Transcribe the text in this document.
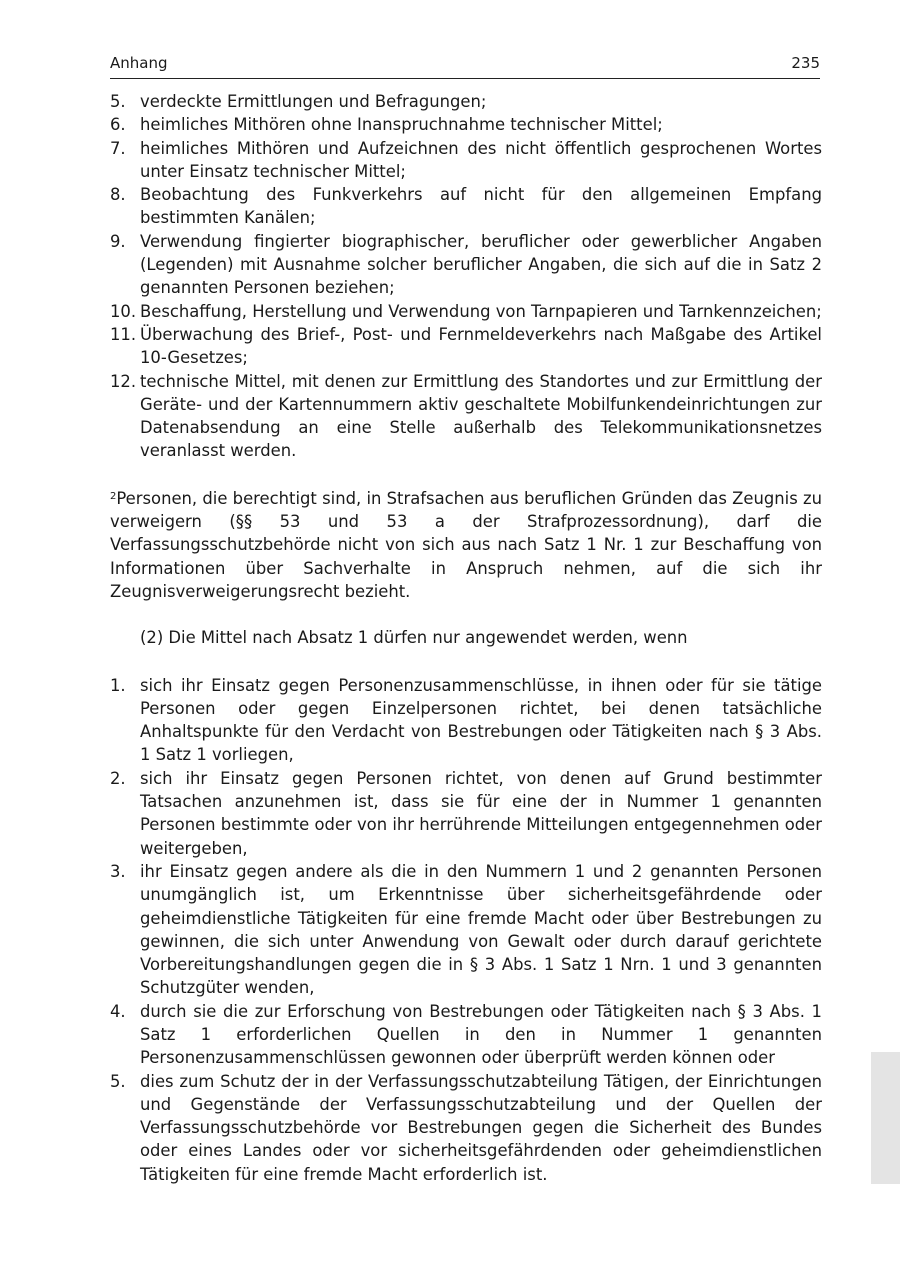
Anhang	235
5. verdeckte Ermittlungen und Befragungen;
6. heimliches Mithören ohne Inanspruchnahme technischer Mittel;
7. heimliches Mithören und Aufzeichnen des nicht öffentlich gesprochenen Wortes unter Einsatz technischer Mittel;
8. Beobachtung des Funkverkehrs auf nicht für den allgemeinen Empfang bestimmten Kanälen;
9. Verwendung fingierter biographischer, beruflicher oder gewerblicher Angaben (Legenden) mit Ausnahme solcher beruflicher Angaben, die sich auf die in Satz 2 genannten Personen beziehen;
10. Beschaffung, Herstellung und Verwendung von Tarnpapieren und Tarnkennzeichen;
11. Überwachung des Brief-, Post- und Fernmeldeverkehrs nach Maßgabe des Artikel 10-Gesetzes;
12. technische Mittel, mit denen zur Ermittlung des Standortes und zur Ermittlung der Geräte- und der Kartennummern aktiv geschaltete Mobilfunkendeinrichtungen zur Datenabsendung an eine Stelle außerhalb des Telekommunikationsnetzes veranlasst werden.

$^2$Personen, die berechtigt sind, in Strafsachen aus beruflichen Gründen das Zeugnis zu verweigern (§§ 53 und 53 a der Strafprozessordnung), darf die Verfassungsschutzbehörde nicht von sich aus nach Satz 1 Nr. 1 zur Beschaffung von Informationen über Sachverhalte in Anspruch nehmen, auf die sich ihr Zeugnisverweigerungsrecht bezieht.

(2) Die Mittel nach Absatz 1 dürfen nur angewendet werden, wenn

1. sich ihr Einsatz gegen Personenzusammenschlüsse, in ihnen oder für sie tätige Personen oder gegen Einzelpersonen richtet, bei denen tatsächliche Anhaltspunkte für den Verdacht von Bestrebungen oder Tätigkeiten nach § 3 Abs. 1 Satz 1 vorliegen,
2. sich ihr Einsatz gegen Personen richtet, von denen auf Grund bestimmter Tatsachen anzunehmen ist, dass sie für eine der in Nummer 1 genannten Personen bestimmte oder von ihr herrührende Mitteilungen entgegennehmen oder weitergeben,
3. ihr Einsatz gegen andere als die in den Nummern 1 und 2 genannten Personen unumgänglich ist, um Erkenntnisse über sicherheitsgefährdende oder geheimdienstliche Tätigkeiten für eine fremde Macht oder über Bestrebungen zu gewinnen, die sich unter Anwendung von Gewalt oder durch darauf gerichtete Vorbereitungshandlungen gegen die in § 3 Abs. 1 Satz 1 Nrn. 1 und 3 genannten Schutzgüter wenden,
4. durch sie die zur Erforschung von Bestrebungen oder Tätigkeiten nach § 3 Abs. 1 Satz 1 erforderlichen Quellen in den in Nummer 1 genannten Personenzusammenschlüssen gewonnen oder überprüft werden können oder
5. dies zum Schutz der in der Verfassungsschutzabteilung Tätigen, der Einrichtungen und Gegenstände der Verfassungsschutzabteilung und der Quellen der Verfassungsschutzbehörde vor Bestrebungen gegen die Sicherheit des Bundes oder eines Landes oder vor sicherheitsgefährdenden oder geheimdienstlichen Tätigkeiten für eine fremde Macht erforderlich ist.
